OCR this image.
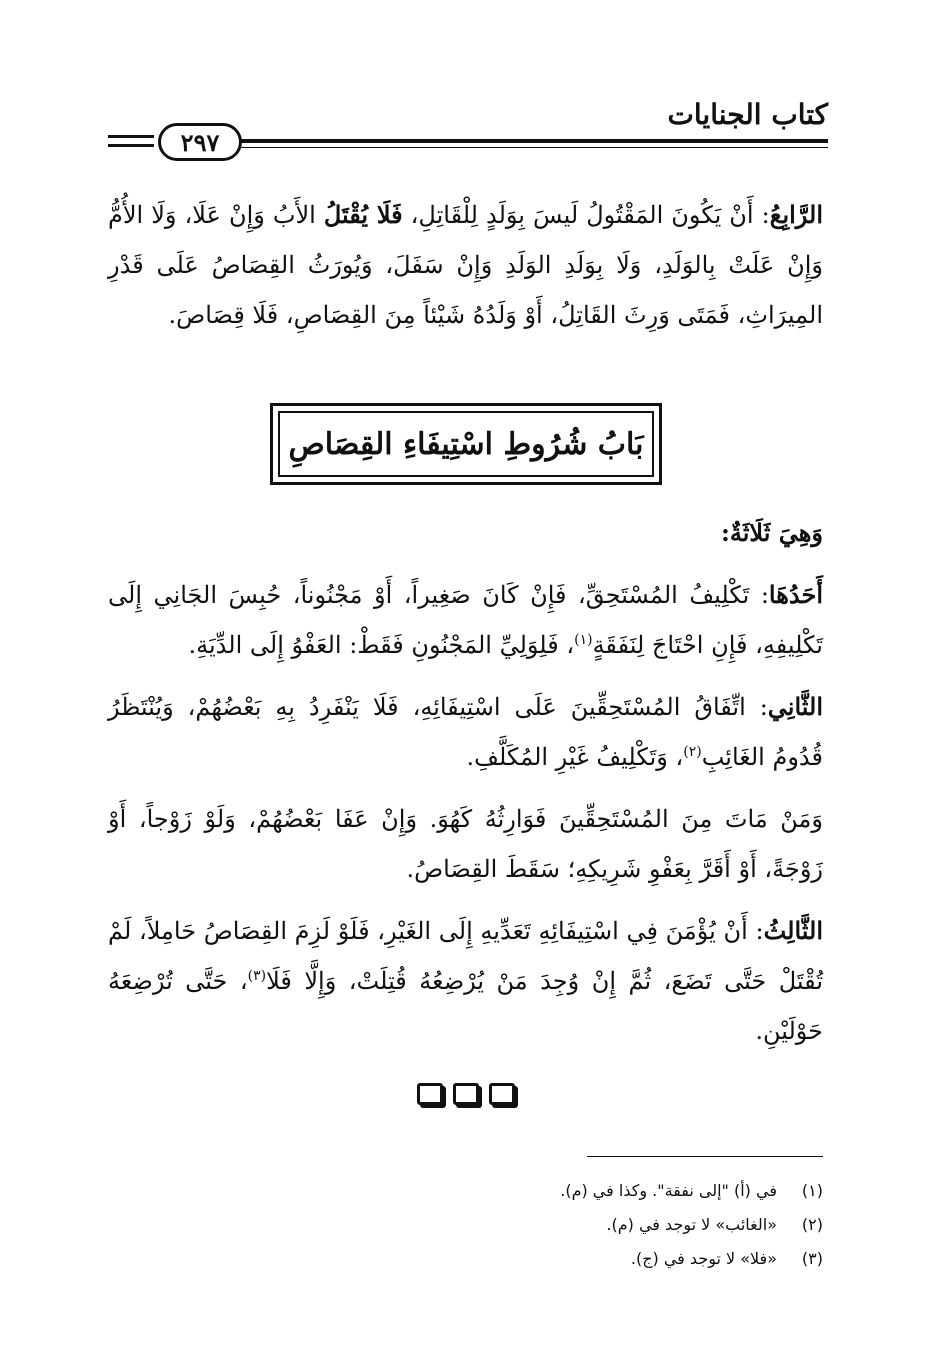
كتاب الجنايات
٢٩٧

الرَّابِعُ: أَنْ يَكُونَ المَقْتُولُ لَيسَ بِوَلَدٍ لِلْقَاتِلِ، فَلَا يُقْتَلُ الأَبُ وَإِنْ عَلَا، وَلَا الأُمُّ وَإِنْ عَلَتْ بِالوَلَدِ، وَلَا بِوَلَدِ الوَلَدِ وَإِنْ سَفَلَ، وَيُورَثُ القِصَاصُ عَلَى قَدْرِ المِيرَاثِ، فَمَتَى وَرِثَ القَاتِلُ، أَوْ وَلَدُهُ شَيْئاً مِنَ القِصَاصِ، فَلَا قِصَاصَ.

بَابُ شُرُوطِ اسْتِيفَاءِ القِصَاصِ

وَهِيَ ثَلَاثَةٌ:

أَحَدُهَا: تَكْلِيفُ المُسْتَحِقِّ، فَإِنْ كَانَ صَغِيراً، أَوْ مَجْنُوناً، حُبِسَ الجَانِي إِلَى تَكْلِيفِهِ، فَإِنِ احْتَاجَ لِنَفَقَةٍ$^{(١)}$، فَلِوَلِيِّ المَجْنُونِ فَقَطْ: العَفْوُ إِلَى الدِّيَةِ.

الثَّانِي: اتِّفَاقُ المُسْتَحِقِّينَ عَلَى اسْتِيفَائِهِ، فَلَا يَنْفَرِدُ بِهِ بَعْضُهُمْ، وَيُنْتَظَرُ قُدُومُ الغَائِبِ$^{(٢)}$، وَتَكْلِيفُ غَيْرِ المُكَلَّفِ.

وَمَنْ مَاتَ مِنَ المُسْتَحِقِّينَ فَوَارِثُهُ كَهُوَ. وَإِنْ عَفَا بَعْضُهُمْ، وَلَوْ زَوْجاً، أَوْ زَوْجَةً، أَوْ أَقَرَّ بِعَفْوِ شَرِيكِهِ؛ سَقَطَ القِصَاصُ.

الثَّالِثُ: أَنْ يُؤْمَنَ فِي اسْتِيفَائِهِ تَعَدِّيهِ إِلَى الغَيْرِ، فَلَوْ لَزِمَ القِصَاصُ حَامِلاً، لَمْ تُقْتَلْ حَتَّى تَضَعَ، ثُمَّ إِنْ وُجِدَ مَنْ يُرْضِعُهُ قُتِلَتْ، وَإِلَّا فَلَا$^{(٣)}$، حَتَّى تُرْضِعَهُ حَوْلَيْنِ.

(١)في (أ) "إلى نفقة". وكذا في (م).
(٢)«الغائب» لا توجد في (م).
(٣)«فلا» لا توجد في (ج).
